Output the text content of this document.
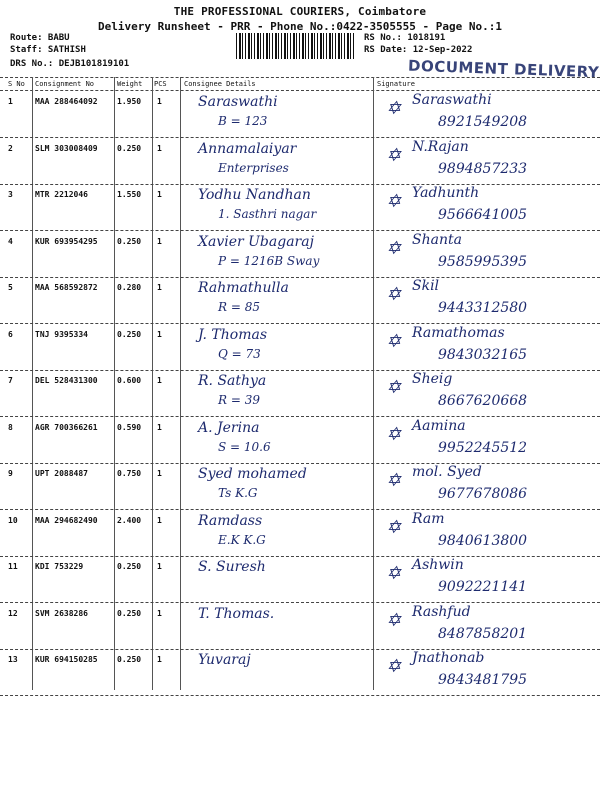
THE PROFESSIONAL COURIERS, Coimbatore
Delivery Runsheet - PRR - Phone No.:0422-3505555 - Page No.:1
Route: BABU
Staff: SATHISH
DRS No.: DEJB101819101
RS No.: 1018191
RS Date: 12-Sep-2022
DOCUMENT DELIVERY
S No Consignment No	Weight PCS Consignee Details	Signature
1	MAA 288464092 1.950 1	Saraswathi
B = 123
✡ Saraswathi
8921549208
2	SLM 303008409 0.250 1	Annamalaiyar
Enterprises
✡ N.Rajan
9894857233
3	MTR 2212046	1.550 1	Yodhu Nandhan
1. Sasthri nagar
✡ Yadhunth
9566641005
4	KUR 693954295 0.250 1	Xavier Ubagaraj
P = 1216B Sway
✡ Shanta
9585995395
5	MAA 568592872 0.280 1	Rahmathulla
R = 85
✡ Skil
9443312580
6	TNJ 9395334	0.250 1	J. Thomas
Q = 73
✡ Ramathomas
9843032165
7	DEL 528431300 0.600 1	R. Sathya
R = 39
✡ Sheig
8667620668
8	AGR 700366261 0.590 1	A. Jerina
S = 10.6
✡ Aamina
9952245512
9	UPT 2088487	0.750 1	Syed mohamed
Ts K.G
✡ mol. Syed
9677678086
10 MAA 294682490 2.400 1	Ramdass
E.K K.G
✡ Ram
9840613800
11 KDI 753229	0.250 1	S. Suresh	✡ Ashwin
9092221141
12 SVM 2638286	0.250 1	T. Thomas.	✡ Rashfud
8487858201
13 KUR 694150285 0.250 1	Yuvaraj	✡ Jnathonab
9843481795
